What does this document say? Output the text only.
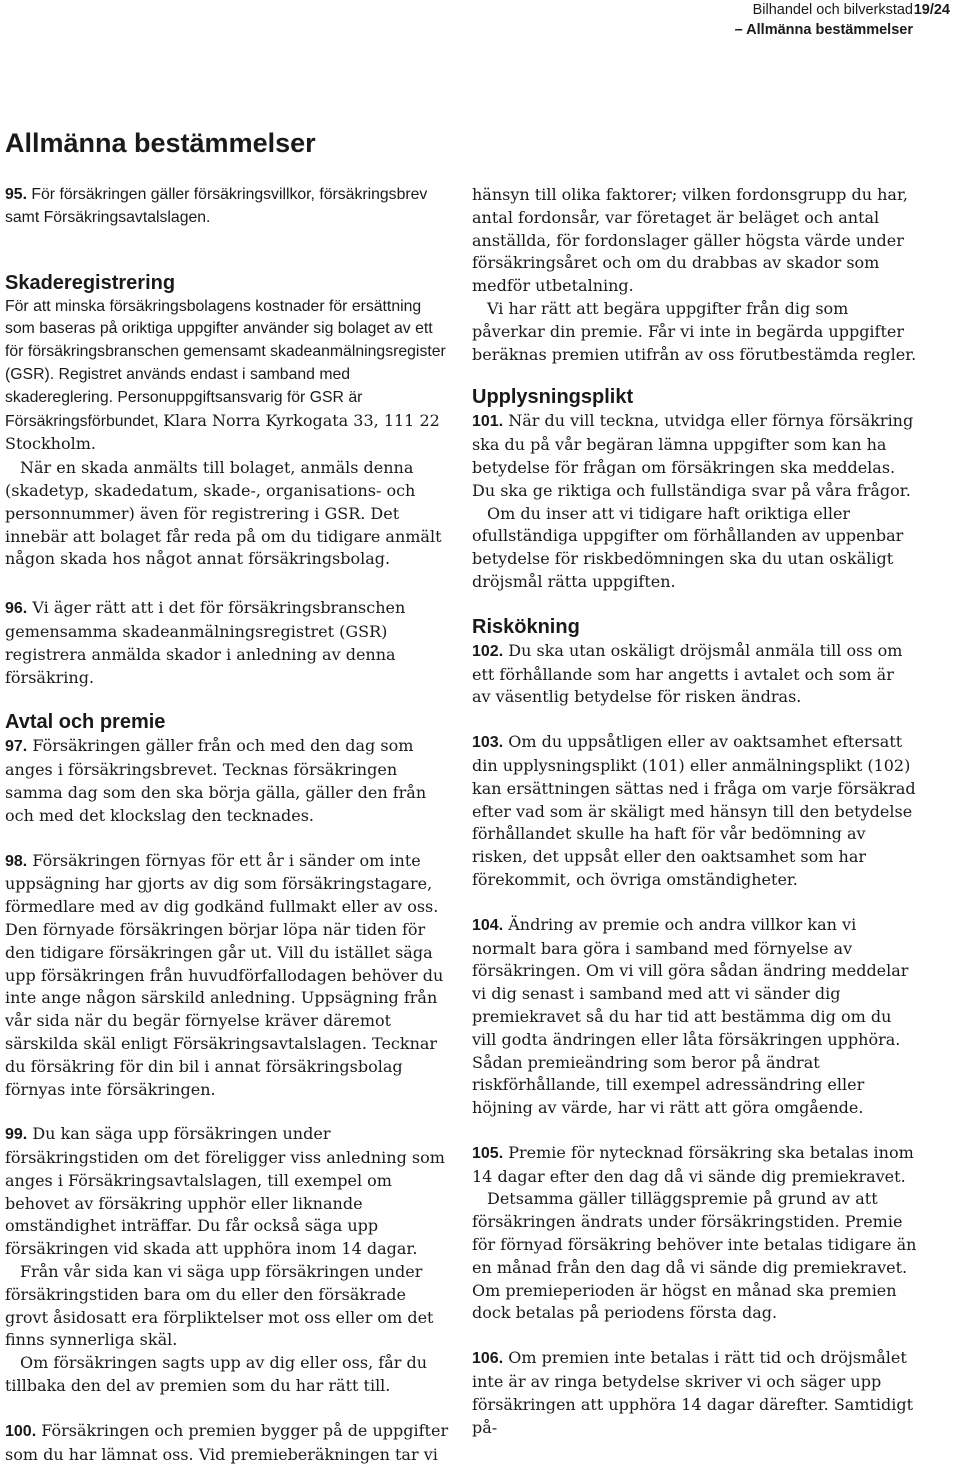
Bilhandel och bilverkstad 19/24
– Allmänna bestämmelser
Allmänna bestämmelser

95. För försäkringen gäller försäkringsvillkor, försäkringsbrev samt Försäkringsavtalslagen.

Skaderegistrering

För att minska försäkringsbolagens kostnader för ersättning som baseras på oriktiga uppgifter använder sig bolaget av ett för försäkringsbranschen gemensamt skadeanmälningsregister (GSR). Registret används endast i samband med skadereglering. Personuppgiftsansvarig för GSR är Försäkringsförbundet, Klara Norra Kyrkogata 33, 111 22 Stockholm.

När en skada anmälts till bolaget, anmäls denna (skadetyp, skadedatum, skade-, organisations- och personnummer) även för registrering i GSR. Det innebär att bolaget får reda på om du tidigare anmält någon skada hos något annat försäkringsbolag.

96. Vi äger rätt att i det för försäkringsbranschen gemensamma skadeanmälningsregistret (GSR) registrera anmälda skador i anledning av denna försäkring.

Avtal och premie

97. Försäkringen gäller från och med den dag som anges i försäkringsbrevet. Tecknas försäkringen samma dag som den ska börja gälla, gäller den från och med det klockslag den tecknades.

98. Försäkringen förnyas för ett år i sänder om inte uppsägning har gjorts av dig som försäkringstagare, förmedlare med av dig godkänd fullmakt eller av oss. Den förnyade försäkringen börjar löpa när tiden för den tidigare försäkringen går ut. Vill du istället säga upp försäkringen från huvudförfallodagen behöver du inte ange någon särskild anledning. Uppsägning från vår sida när du begär förnyelse kräver däremot särskilda skäl enligt Försäkringsavtalslagen. Tecknar du försäkring för din bil i annat försäkringsbolag förnyas inte försäkringen.

99. Du kan säga upp försäkringen under försäkringstiden om det föreligger viss anledning som anges i Försäkringsavtalslagen, till exempel om behovet av försäkring upphör eller liknande omständighet inträffar. Du får också säga upp försäkringen vid skada att upphöra inom 14 dagar.

Från vår sida kan vi säga upp försäkringen under försäkringstiden bara om du eller den försäkrade grovt åsidosatt era förpliktelser mot oss eller om det finns synnerliga skäl.

Om försäkringen sagts upp av dig eller oss, får du tillbaka den del av premien som du har rätt till.

100. Försäkringen och premien bygger på de uppgifter som du har lämnat oss. Vid premieberäkningen tar vi

hänsyn till olika faktorer; vilken fordonsgrupp du har, antal fordonsår, var företaget är beläget och antal anställda, för fordonslager gäller högsta värde under försäkringsåret och om du drabbas av skador som medför utbetalning.

Vi har rätt att begära uppgifter från dig som påverkar din premie. Får vi inte in begärda uppgifter beräknas premien utifrån av oss förutbestämda regler.

Upplysningsplikt

101. När du vill teckna, utvidga eller förnya försäkring ska du på vår begäran lämna uppgifter som kan ha betydelse för frågan om försäkringen ska meddelas. Du ska ge riktiga och fullständiga svar på våra frågor.

Om du inser att vi tidigare haft oriktiga eller ofullständiga uppgifter om förhållanden av uppenbar betydelse för riskbedömningen ska du utan oskäligt dröjsmål rätta uppgiften.

Riskökning

102. Du ska utan oskäligt dröjsmål anmäla till oss om ett förhållande som har angetts i avtalet och som är av väsentlig betydelse för risken ändras.

103. Om du uppsåtligen eller av oaktsamhet eftersatt din upplysningsplikt (101) eller anmälningsplikt (102) kan ersättningen sättas ned i fråga om varje försäkrad efter vad som är skäligt med hänsyn till den betydelse förhållandet skulle ha haft för vår bedömning av risken, det uppsåt eller den oaktsamhet som har förekommit, och övriga omständigheter.

104. Ändring av premie och andra villkor kan vi normalt bara göra i samband med förnyelse av försäkringen. Om vi vill göra sådan ändring meddelar vi dig senast i samband med att vi sänder dig premiekravet så du har tid att bestämma dig om du vill godta ändringen eller låta försäkringen upphöra. Sådan premieändring som beror på ändrat riskförhållande, till exempel adressändring eller höjning av värde, har vi rätt att göra omgående.

105. Premie för nytecknad försäkring ska betalas inom 14 dagar efter den dag då vi sände dig premiekravet.

Detsamma gäller tilläggspremie på grund av att försäkringen ändrats under försäkringstiden. Premie för förnyad försäkring behöver inte betalas tidigare än en månad från den dag då vi sände dig premiekravet. Om premieperioden är högst en månad ska premien dock betalas på periodens första dag.

106. Om premien inte betalas i rätt tid och dröjsmålet inte är av ringa betydelse skriver vi och säger upp försäkringen att upphöra 14 dagar därefter. Samtidigt på-
